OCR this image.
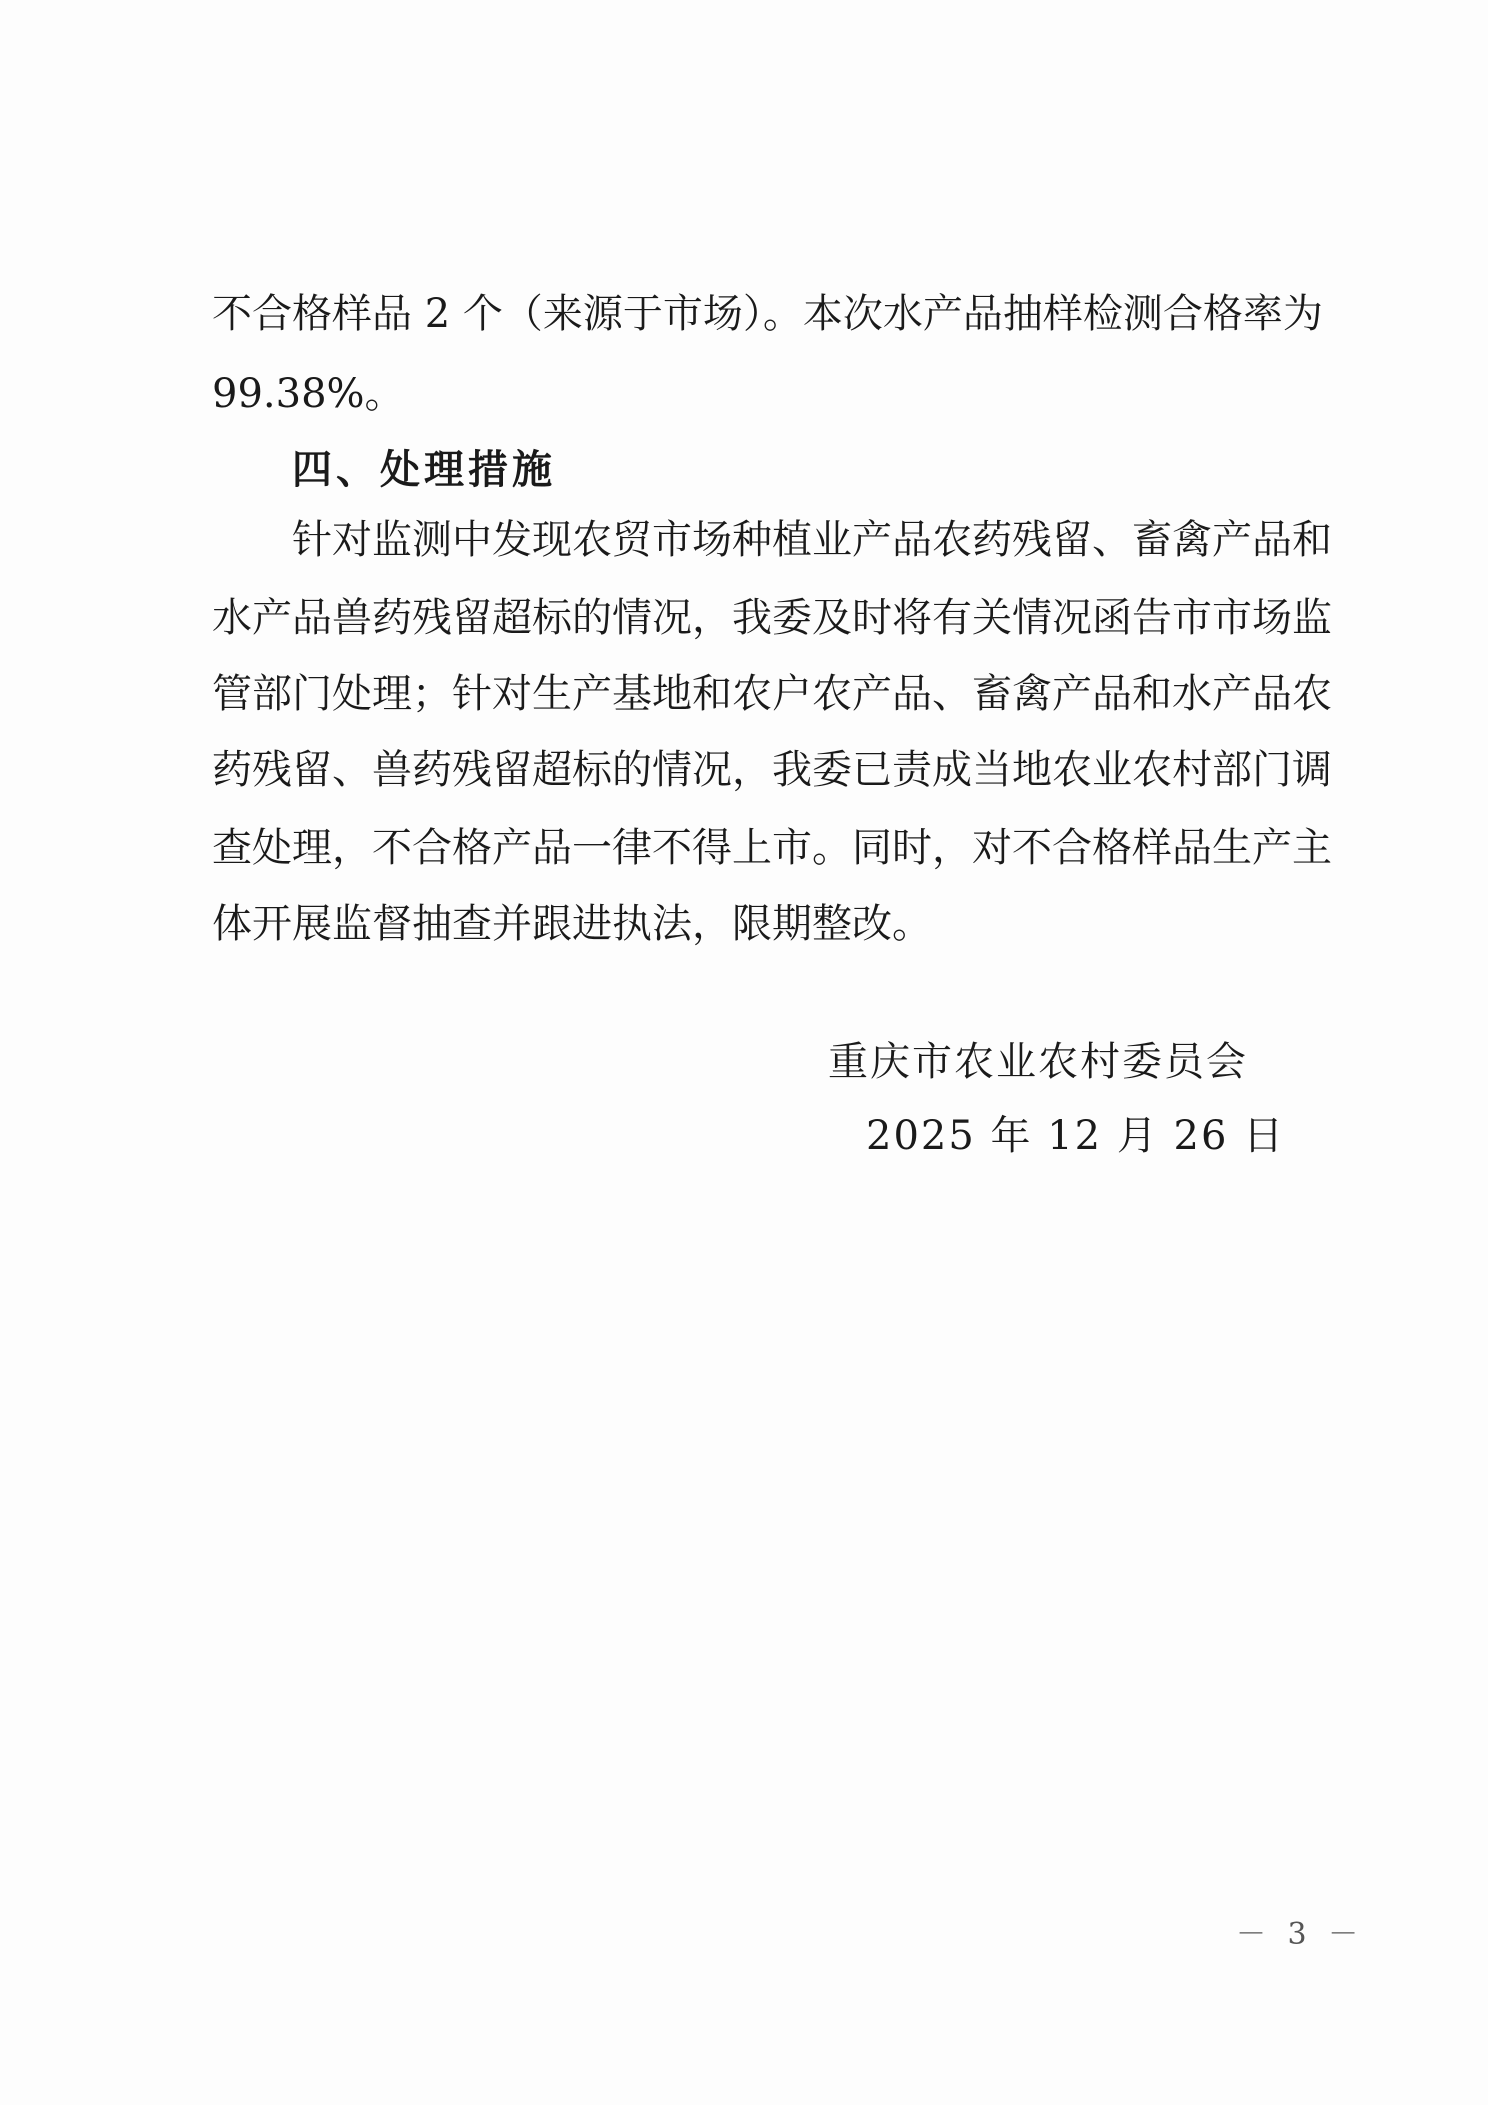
不合格样品 2 个（来源于市场）。本次水产品抽样检测合格率为
99.38%。
四、处理措施
针对监测中发现农贸市场种植业产品农药残留、畜禽产品和
水产品兽药残留超标的情况，我委及时将有关情况函告市市场监
管部门处理；针对生产基地和农户农产品、畜禽产品和水产品农
药残留、兽药残留超标的情况，我委已责成当地农业农村部门调
查处理，不合格产品一律不得上市。同时，对不合格样品生产主
体开展监督抽查并跟进执法，限期整改。
重庆市农业农村委员会
2025 年 12 月 26 日
－ 3 －
